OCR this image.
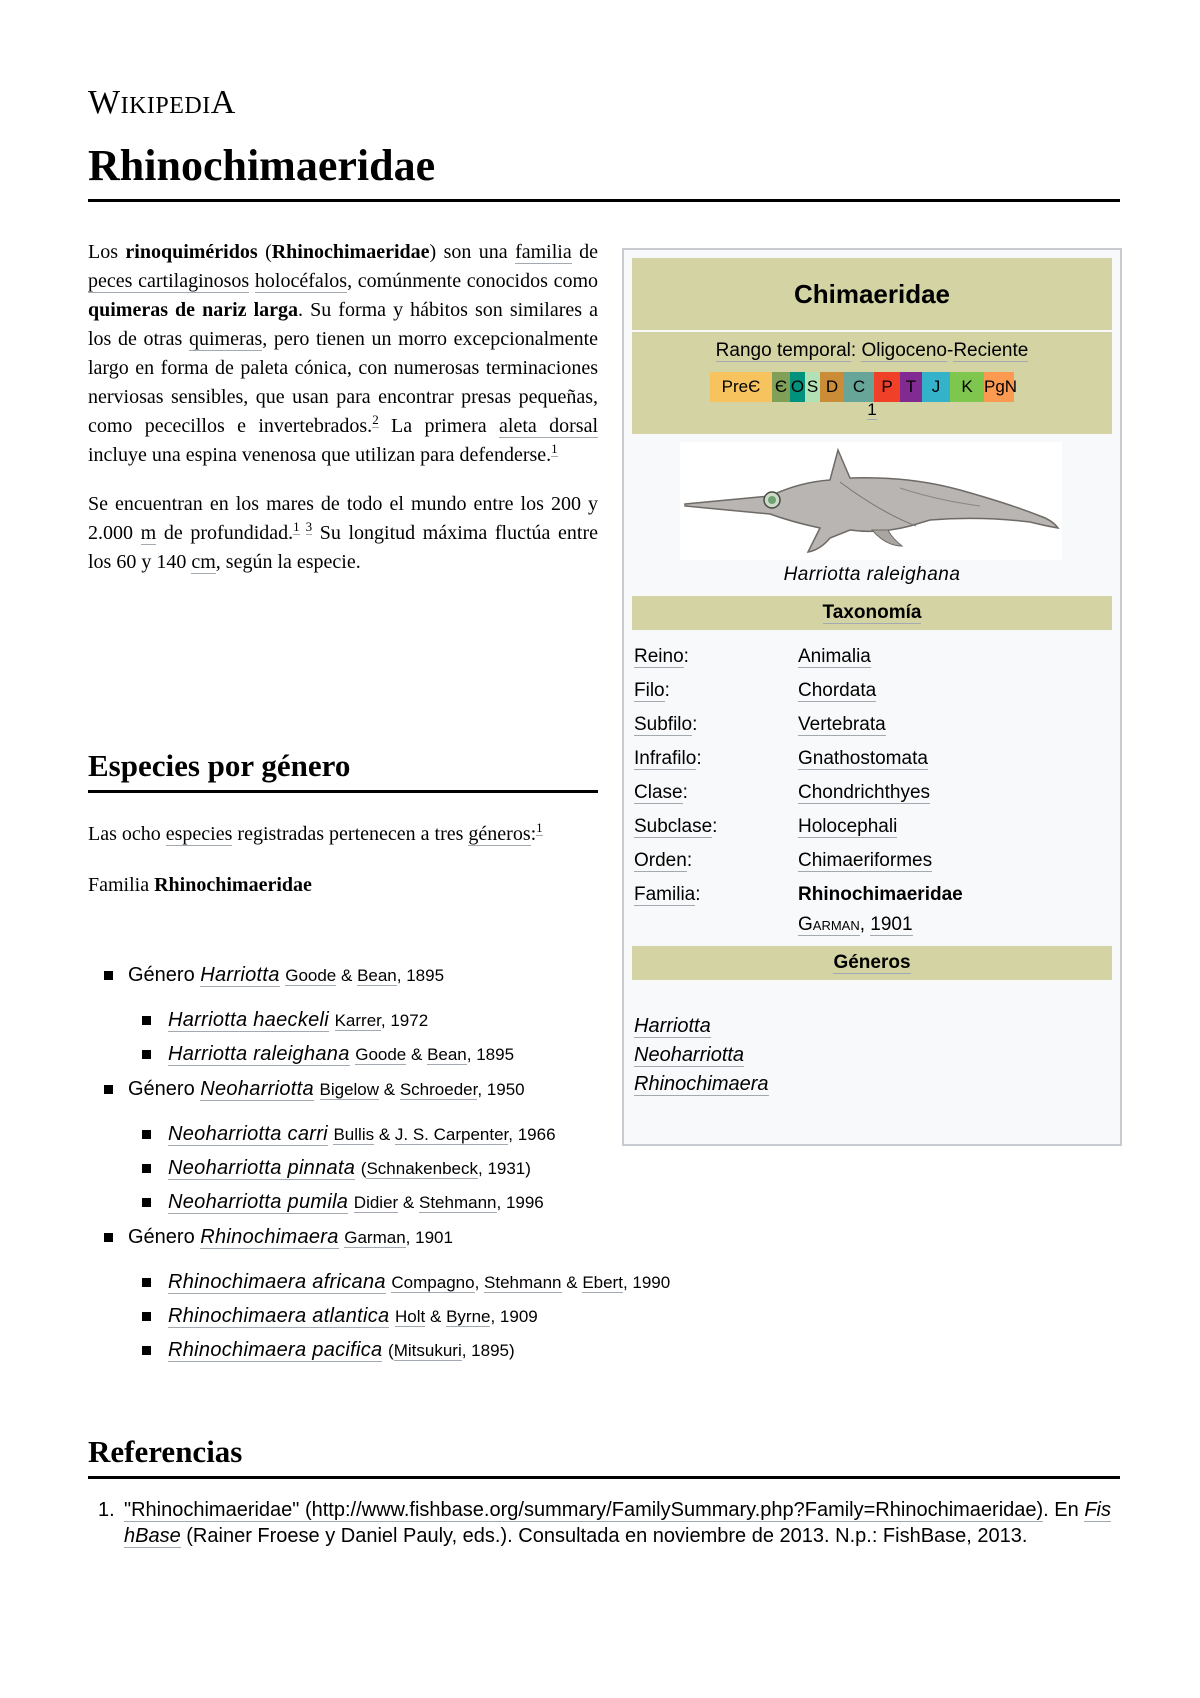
WIKIPEDIA
Rhinochimaeridae

Los rinoquiméridos (Rhinochimaeridae) son una familia de peces cartilaginosos holocéfalos, comúnmente conocidos como quimeras de nariz larga. Su forma y hábitos son similares a los de otras quimeras, pero tienen un morro excepcionalmente largo en forma de paleta cónica, con numerosas terminaciones nerviosas sensibles, que usan para encontrar presas pequeñas, como pececillos e invertebrados.$^2$ La primera aleta dorsal incluye una espina venenosa que utilizan para defenderse.$^1$

Se encuentran en los mares de todo el mundo entre los 200 y 2.000 m de profundidad.$^{1 3}$ Su longitud máxima fluctúa entre los 60 y 140 cm, según la especie.

Especies por género

Las ocho especies registradas pertenecen a tres géneros:$^1$

Familia Rhinochimaeridae

Género Harriotta Goode & Bean, 1895
Harriotta haeckeli Karrer, 1972
Harriotta raleighana Goode & Bean, 1895
Género Neoharriotta Bigelow & Schroeder, 1950
Neoharriotta carri Bullis & J. S. Carpenter, 1966
Neoharriotta pinnata (Schnakenbeck, 1931)
Neoharriotta pumila Didier & Stehmann, 1996
Género Rhinochimaera Garman, 1901
Rhinochimaera africana Compagno, Stehmann & Ebert, 1990
Rhinochimaera atlantica Holt & Byrne, 1909
Rhinochimaera pacifica (Mitsukuri, 1895)
Referencias
1. "Rhinochimaeridae" (http://www.fishbase.org/summary/FamilySummary.php?Family=Rhinochimaeridae). En FishBase (Rainer Froese y Daniel Pauly, eds.). Consultada en noviembre de 2013. N.p.: FishBase, 2013.
Chimaeridae
Rango temporal: Oligoceno-Reciente
PreЄ Є O S D C P T J	K PgN
1
Harriotta raleighana
Taxonomía
Reino:	Animalia
Filo:	Chordata
Subfilo:	Vertebrata
Infrafilo:	Gnathostomata
Clase:	Chondrichthyes
Subclase:	Holocephali
Orden:	Chimaeriformes
Familia:	Rhinochimaeridae
Garman, 1901
Géneros
Harriotta
Neoharriotta
Rhinochimaera
